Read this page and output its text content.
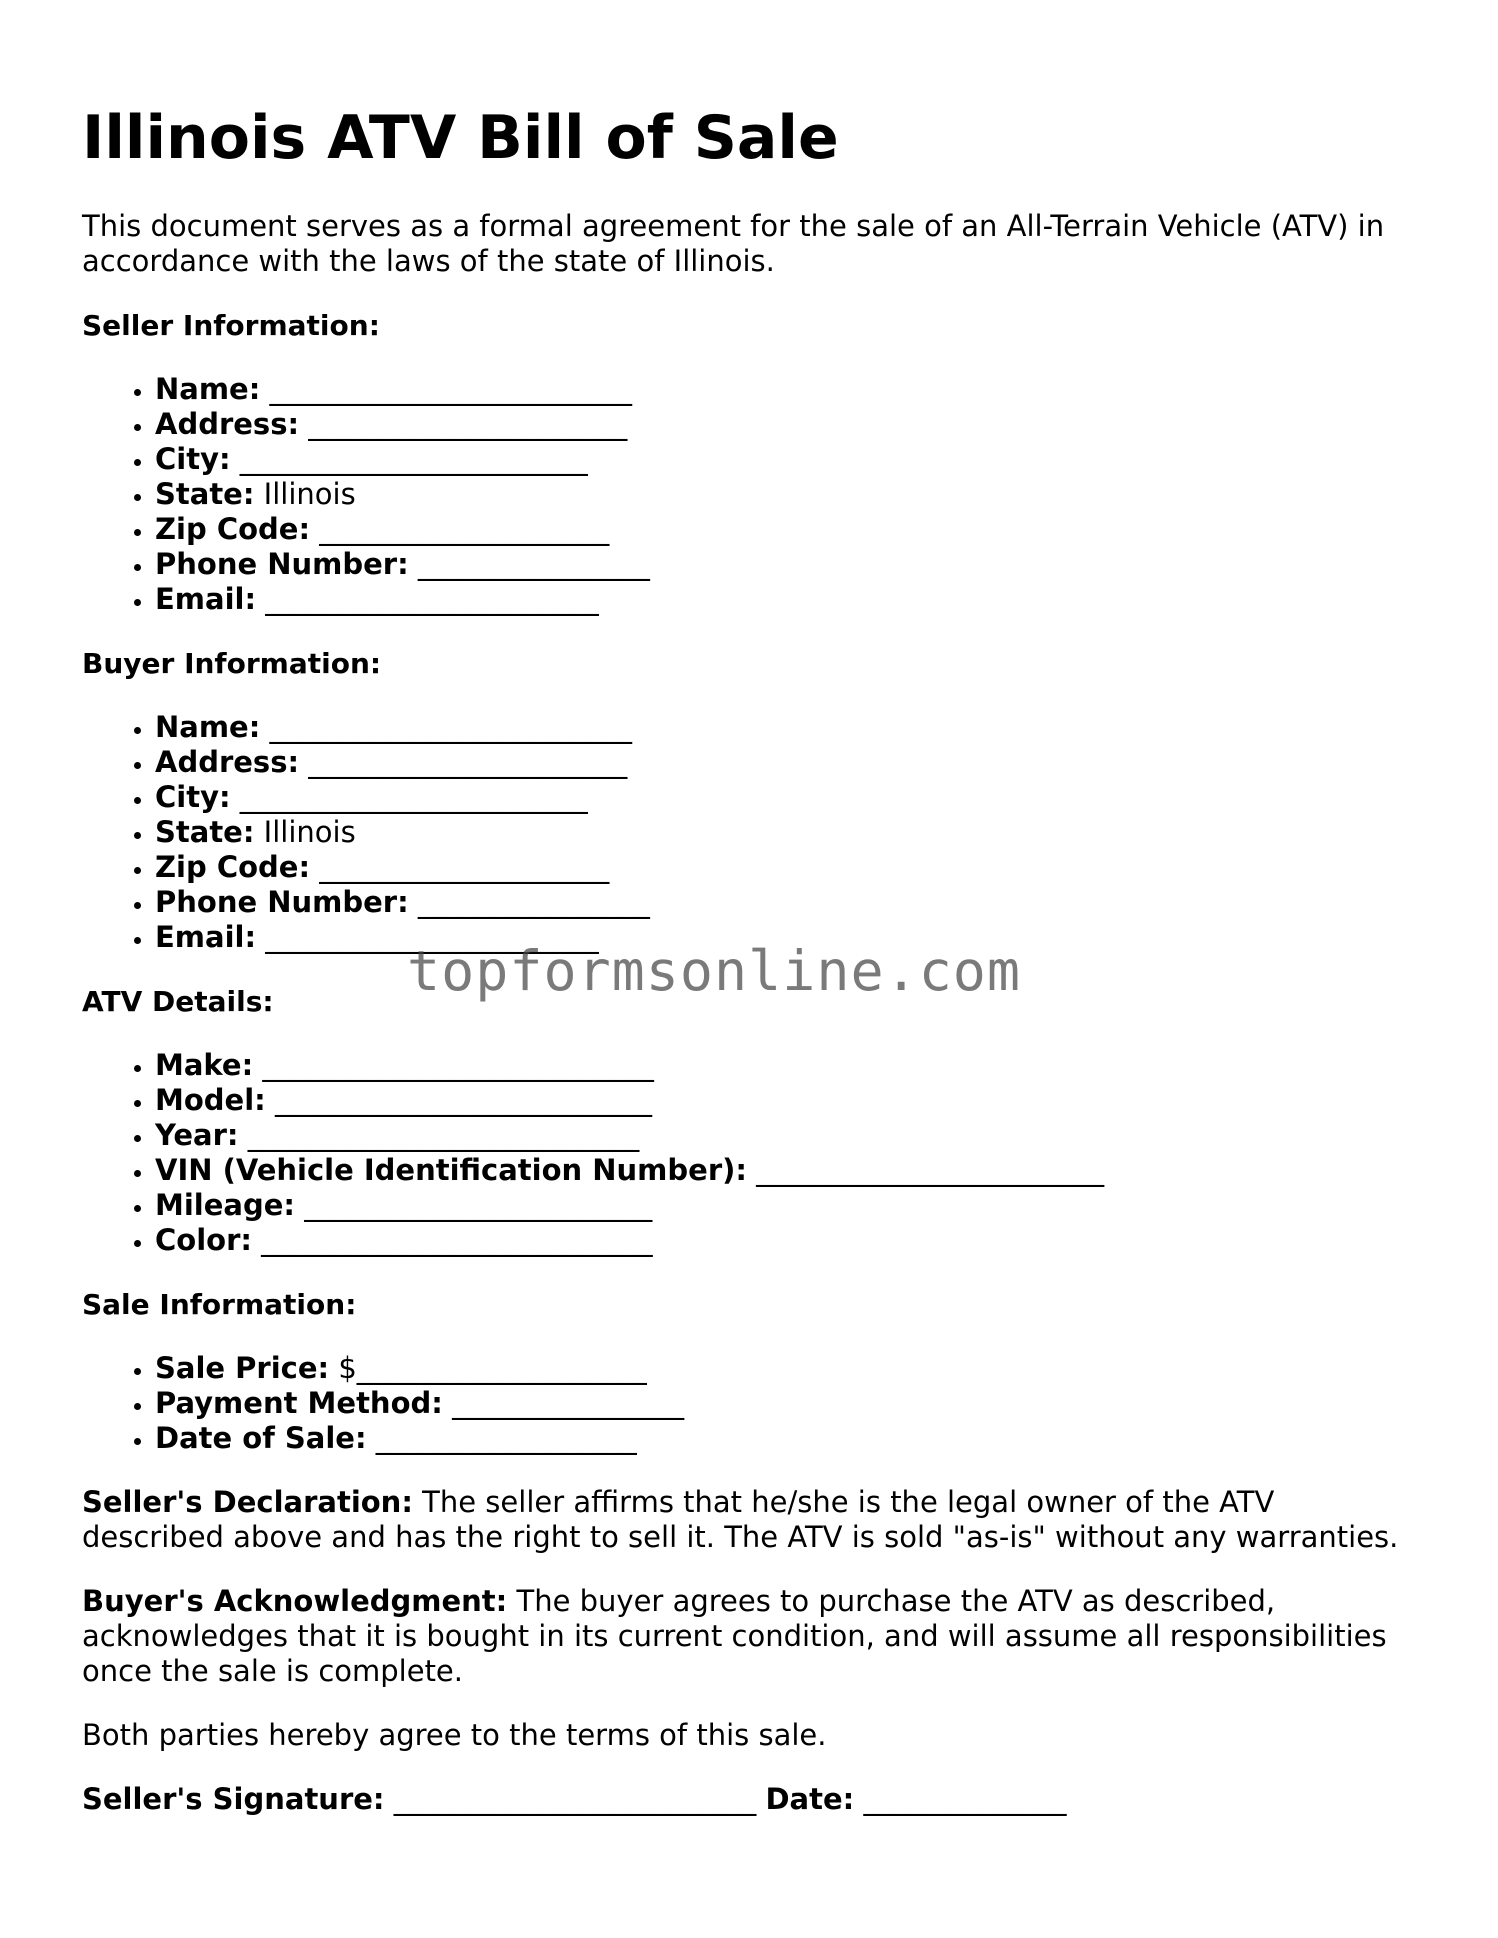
Illinois ATV Bill of Sale

This document serves as a formal agreement for the sale of an All-Terrain Vehicle (ATV) in accordance with the laws of the state of Illinois.

Seller Information:
• Name: _________________________
• Address: ______________________
• City: ________________________
• State: Illinois
• Zip Code: ____________________
• Phone Number: ________________
• Email: _______________________
Buyer Information:
• Name: _________________________
• Address: ______________________
• City: ________________________
• State: Illinois
• Zip Code: ____________________
• Phone Number: ________________
• Email: _______________________
ATV Details:
• Make: ___________________________
• Model: __________________________
• Year: ___________________________
• VIN (Vehicle Identification Number): ________________________
• Mileage: ________________________
• Color: ___________________________
Sale Information:
• Sale Price: $____________________
• Payment Method: ________________
• Date of Sale: __________________

Seller's Declaration: The seller affirms that he/she is the legal owner of the ATV described above and has the right to sell it. The ATV is sold "as-is" without any warranties.

Buyer's Acknowledgment: The buyer agrees to purchase the ATV as described, acknowledges that it is bought in its current condition, and will assume all responsibilities once the sale is complete.

Both parties hereby agree to the terms of this sale.

Seller's Signature: _________________________ Date: ______________

topformsonline.com
